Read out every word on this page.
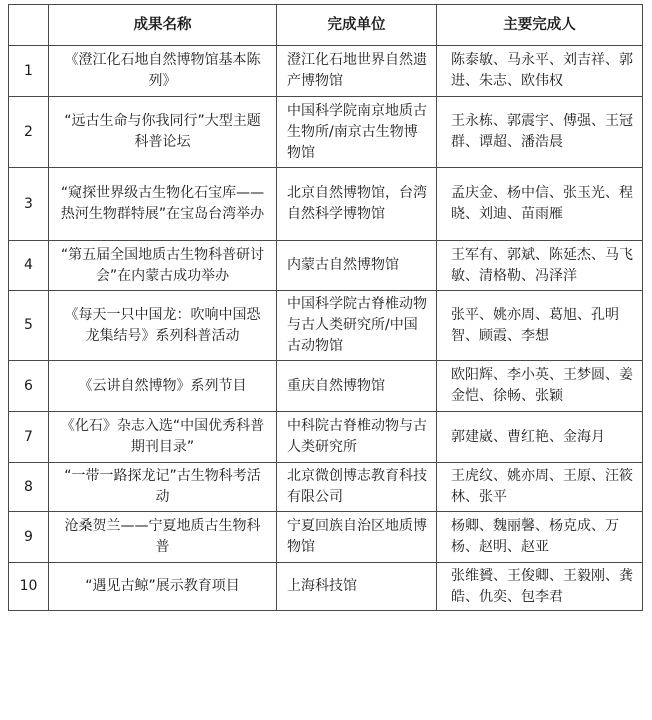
	成果名称	完成单位	主要完成人
1	《澄江化石地自然博物馆基本陈列》	澄江化石地世界自然遗产博物馆	陈泰敏、马永平、刘吉祥、郭进、朱志、欧伟权
2	“远古生命与你我同行”大型主题科普论坛	中国科学院南京地质古生物所/南京古生物博物馆	王永栋、郭震宇、傅强、王冠群、谭超、潘浩晨
3	“窥探世界级古生物化石宝库——热河生物群特展”在宝岛台湾举办	北京自然博物馆，台湾自然科学博物馆	孟庆金、杨中信、张玉光、程晓、刘迪、苗雨雁
4	“第五届全国地质古生物科普研讨会”在内蒙古成功举办	内蒙古自然博物馆	王军有、郭斌、陈延杰、马飞敏、清格勒、冯泽洋
5	《每天一只中国龙：吹响中国恐龙集结号》系列科普活动	中国科学院古脊椎动物与古人类研究所/中国古动物馆	张平、姚亦周、葛旭、孔明智、顾霞、李想
6	《云讲自然博物》系列节目	重庆自然博物馆	欧阳辉、李小英、王梦圆、姜金恺、徐畅、张颖
7	《化石》杂志入选“中国优秀科普期刊目录”	中科院古脊椎动物与古人类研究所	郭建崴、曹红艳、金海月
8	“一带一路探龙记”古生物科考活动	北京微创博志教育科技有限公司	王虎纹、姚亦周、王原、汪筱林、张平
9	沧桑贺兰——宁夏地质古生物科普	宁夏回族自治区地质博物馆	杨卿、魏丽馨、杨克成、万杨、赵明、赵亚
10	“遇见古鲸”展示教育项目	上海科技馆	张维贇、王俊卿、王毅刚、龚皓、仇奕、包李君
